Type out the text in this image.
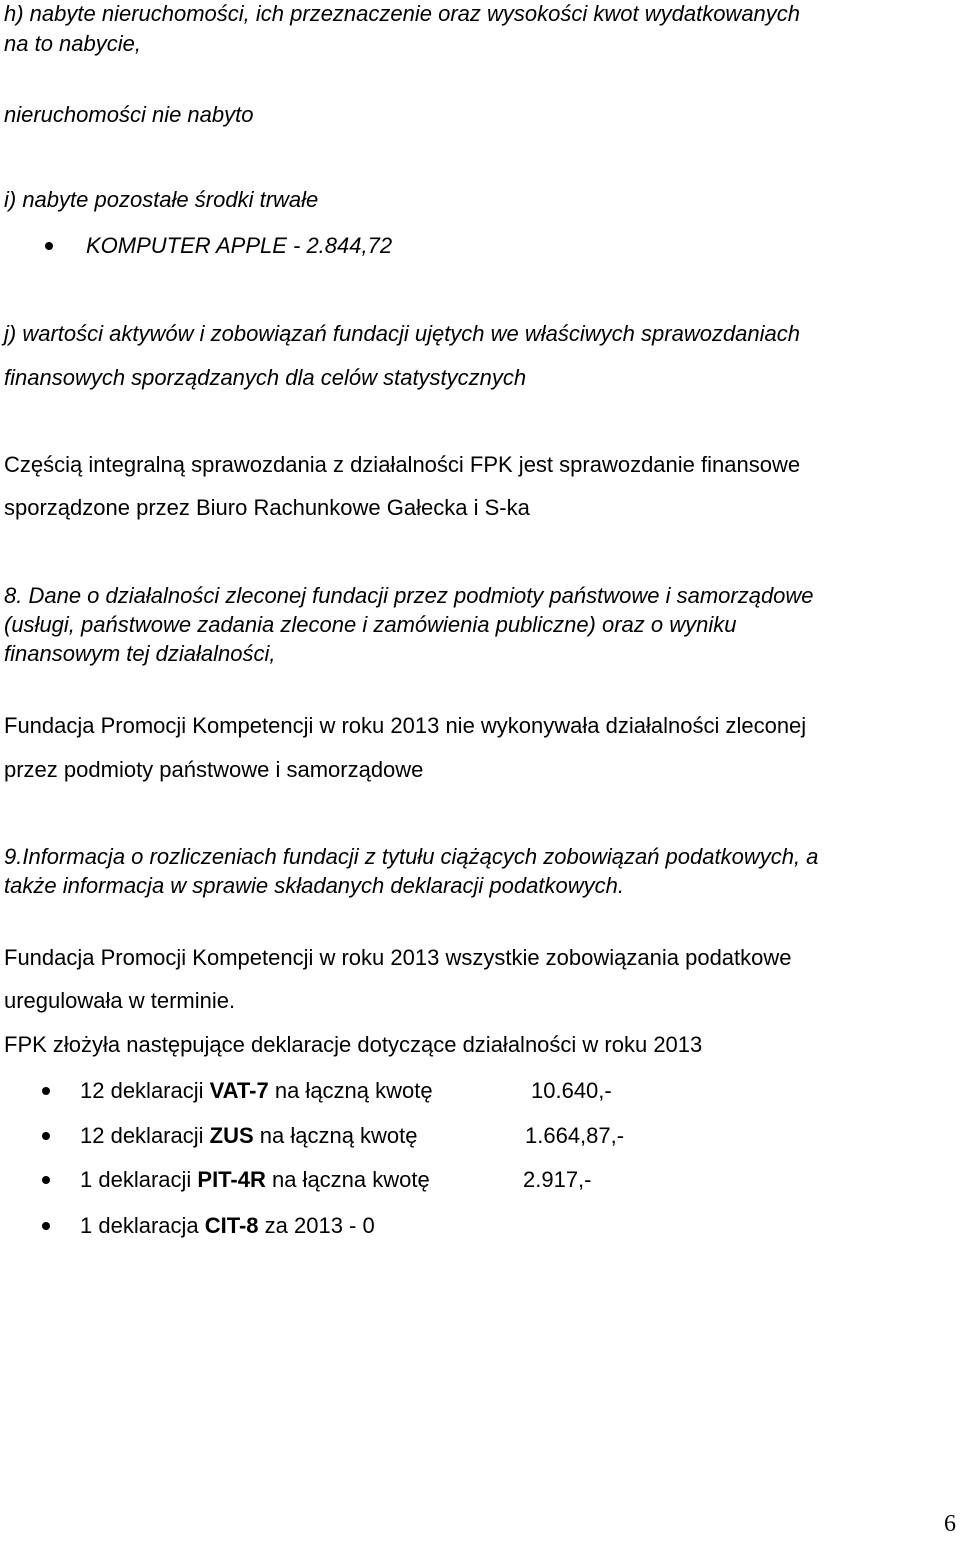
h) nabyte nieruchomości, ich przeznaczenie oraz wysokości kwot wydatkowanych

na to nabycie,

nieruchomości nie nabyto

i) nabyte pozostałe środki trwałe

KOMPUTER APPLE - 2.844,72

j) wartości aktywów i zobowiązań fundacji ujętych we właściwych sprawozdaniach

finansowych sporządzanych dla celów statystycznych

Częścią integralną sprawozdania z działalności FPK jest sprawozdanie finansowe

sporządzone przez Biuro Rachunkowe Gałecka i S-ka

8. Dane o działalności zleconej fundacji przez podmioty państwowe i samorządowe

(usługi, państwowe zadania zlecone i zamówienia publiczne) oraz o wyniku

finansowym tej działalności,

Fundacja Promocji Kompetencji w roku 2013 nie wykonywała działalności zleconej

przez podmioty państwowe i samorządowe

9.Informacja o rozliczeniach fundacji z tytułu ciążących zobowiązań podatkowych, a

także informacja w sprawie składanych deklaracji podatkowych.

Fundacja Promocji Kompetencji w roku 2013 wszystkie zobowiązania podatkowe

uregulowała w terminie.

FPK złożyła następujące deklaracje dotyczące działalności w roku 2013

12 deklaracji VAT-7 na łączną kwotę	10.640,-
12 deklaracji ZUS na łączną kwotę	1.664,87,-
1 deklaracji PIT-4R na łączna kwotę	2.917,-
1 deklaracja CIT-8 za 2013 - 0
6
